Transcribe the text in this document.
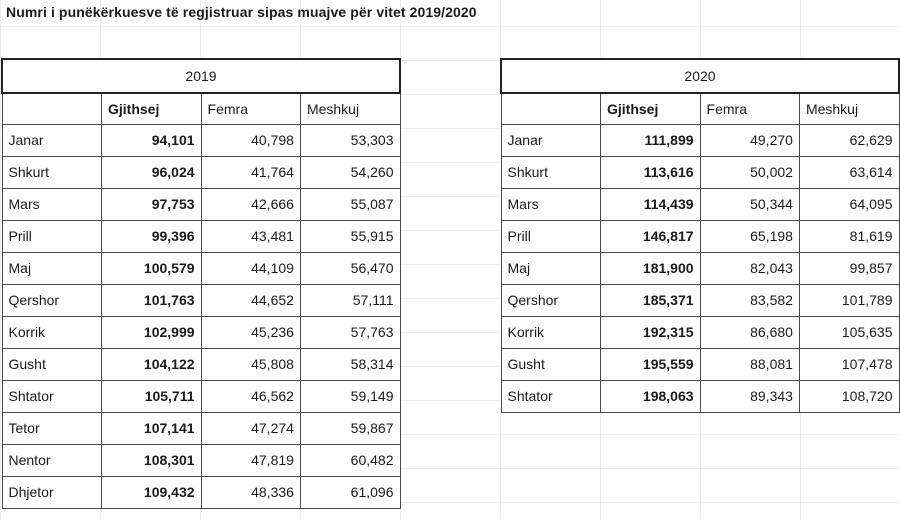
Numri i punëkërkuesve të regjistruar sipas muajve për vitet 2019/2020
2019			
	Gjithsej	Femra	Meshkuj
Janar	94,101	40,798	53,303
Shkurt	96,024	41,764	54,260
Mars	97,753	42,666	55,087
Prill	99,396	43,481	55,915
Maj	100,579	44,109	56,470
Qershor	101,763	44,652	57,111
Korrik	102,999	45,236	57,763
Gusht	104,122	45,808	58,314
Shtator	105,711	46,562	59,149
Tetor	107,141	47,274	59,867
Nentor	108,301	47,819	60,482
Dhjetor	109,432	48,336	61,096
2020			
	Gjithsej	Femra	Meshkuj
Janar	111,899	49,270	62,629
Shkurt	113,616	50,002	63,614
Mars	114,439	50,344	64,095
Prill	146,817	65,198	81,619
Maj	181,900	82,043	99,857
Qershor	185,371	83,582	101,789
Korrik	192,315	86,680	105,635
Gusht	195,559	88,081	107,478
Shtator	198,063	89,343	108,720
